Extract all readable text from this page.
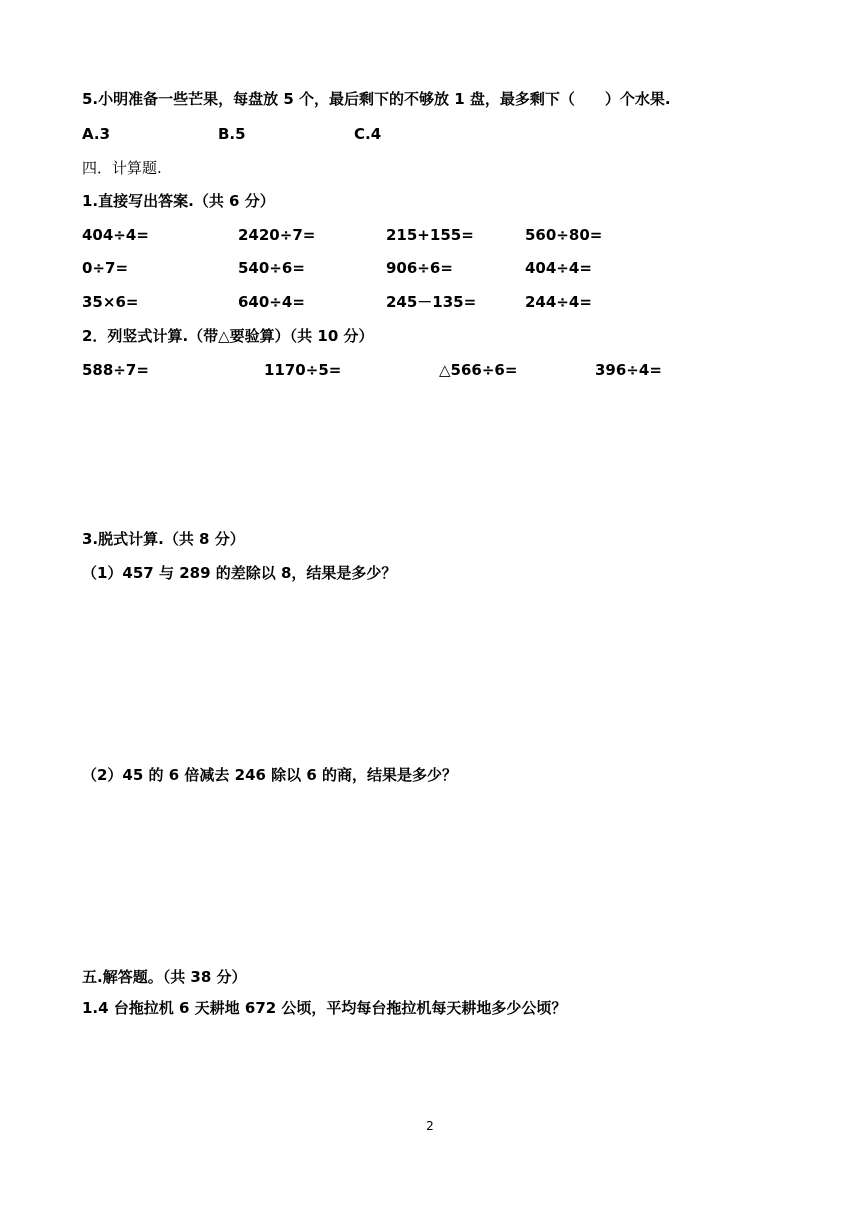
5.小明准备一些芒果，每盘放 5 个，最后剩下的不够放 1 盘，最多剩下（　　）个水果.
A.3	B.5	C.4
四．计算题.
1.直接写出答案.（共 6 分）
404÷4=	2420÷7=	215+155=	560÷80=
0÷7=	540÷6=	906÷6=	404÷4=
35×6=	640÷4=	245－135=	244÷4=
2．列竖式计算.（带△要验算）（共 10 分）
588÷7=	1170÷5=	△566÷6=	396÷4=
3.脱式计算.（共 8 分）
（1）457 与 289 的差除以 8，结果是多少？
（2）45 的 6 倍减去 246 除以 6 的商，结果是多少？
五.解答题。（共 38 分）
1.4 台拖拉机 6 天耕地 672 公顷，平均每台拖拉机每天耕地多少公顷？
2
